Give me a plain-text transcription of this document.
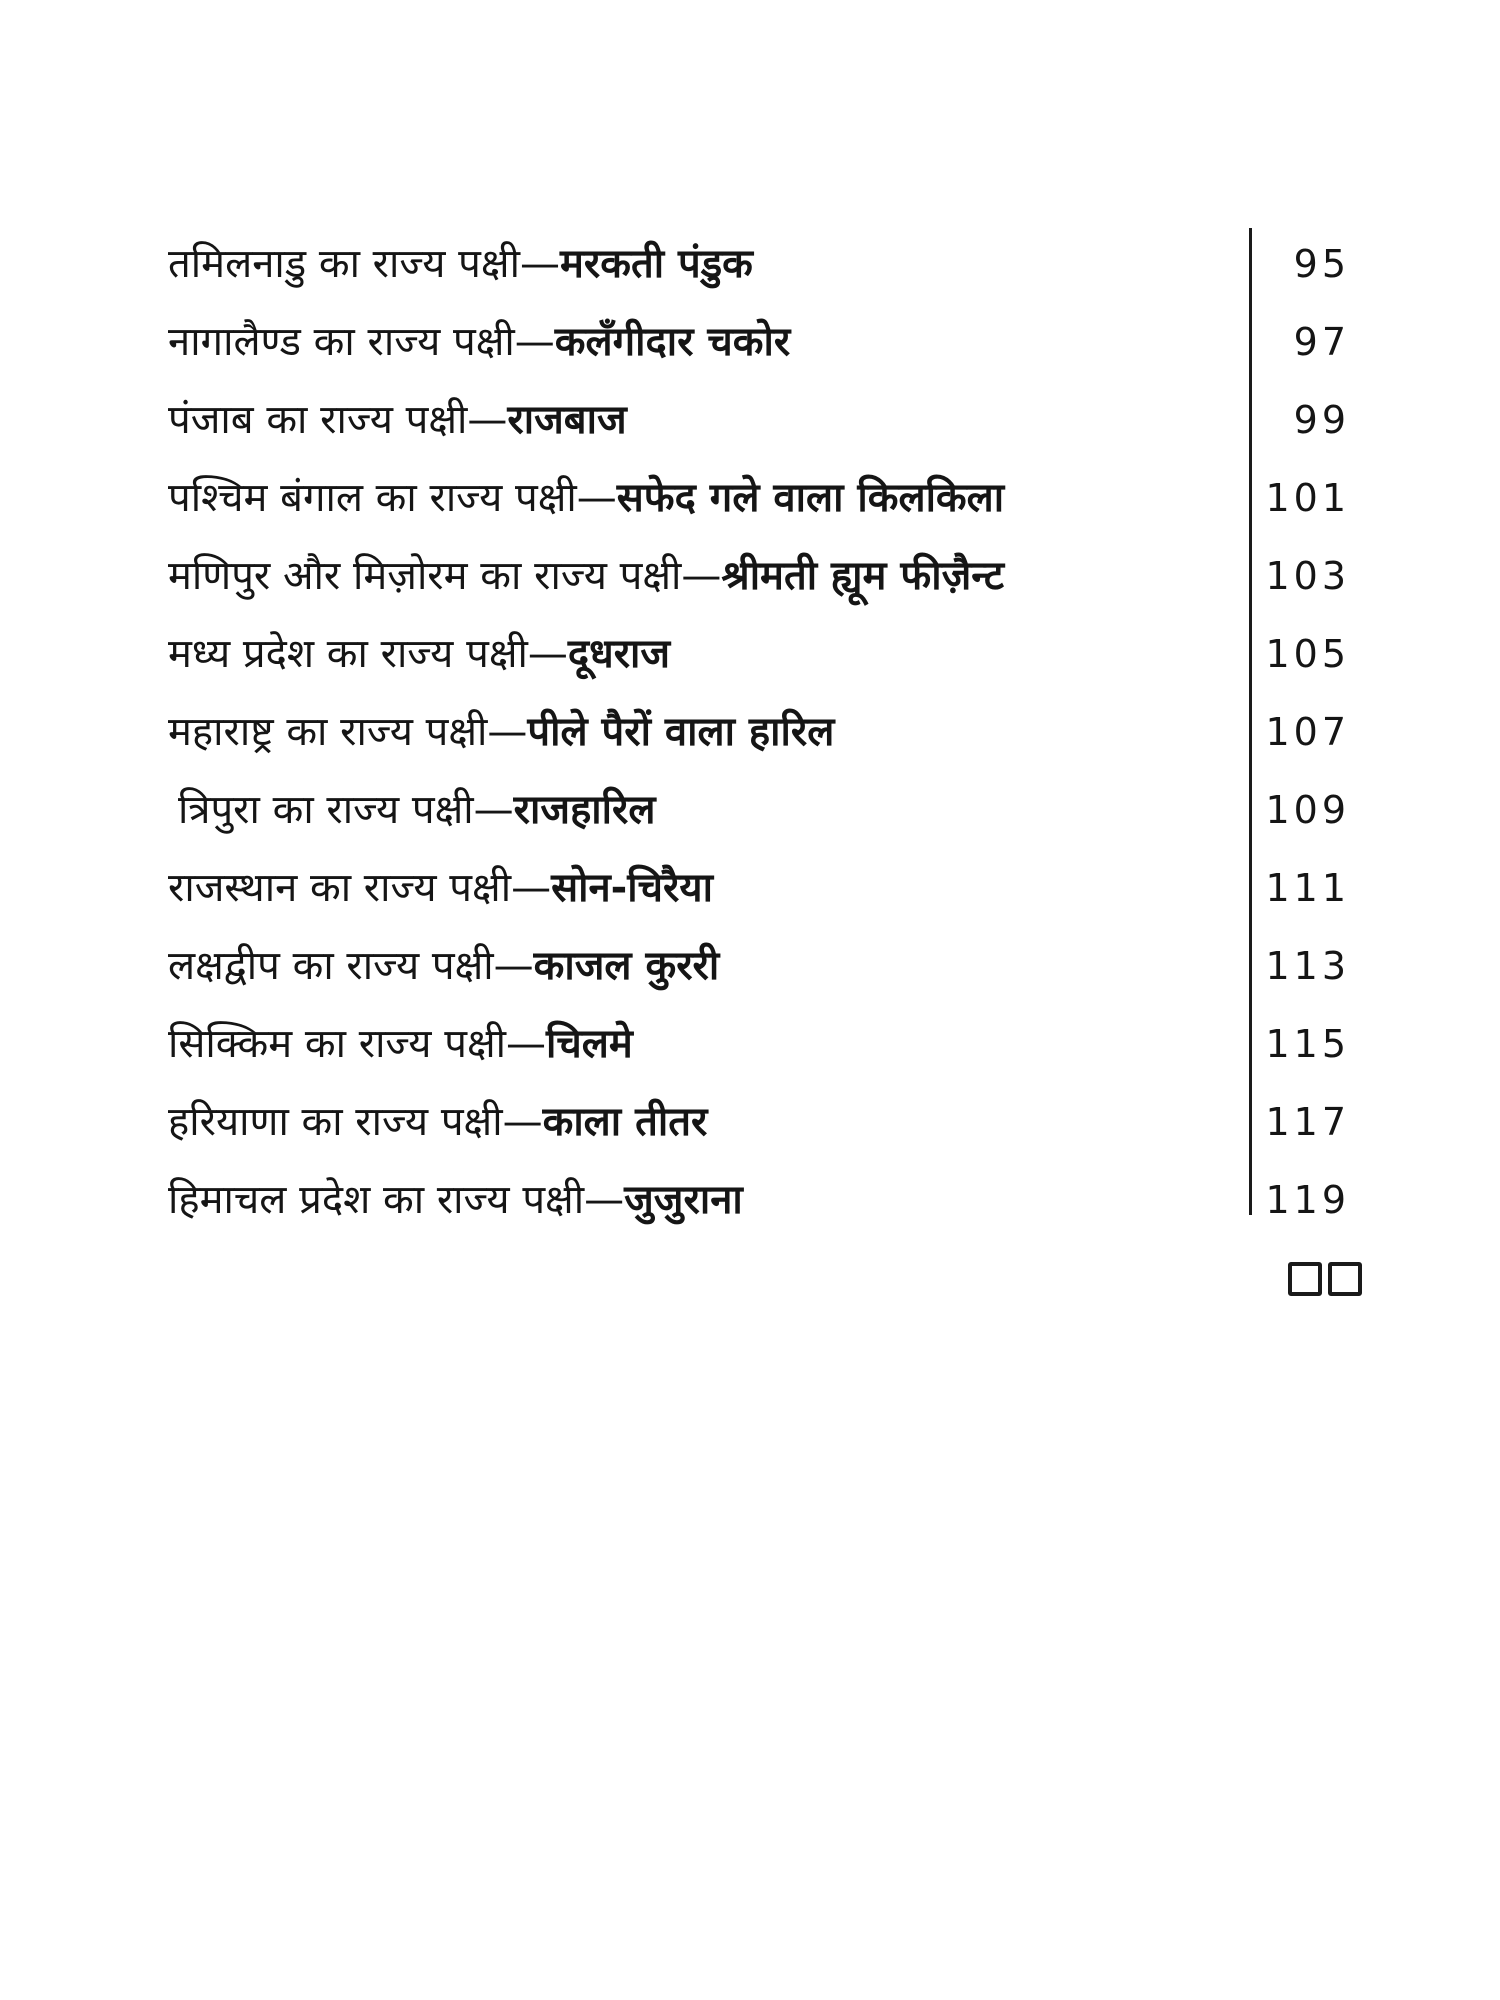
तमिलनाडु का राज्य पक्षी—मरकती पंडुक	95
नागालैण्ड का राज्य पक्षी—कलँगीदार चकोर	97
पंजाब का राज्य पक्षी—राजबाज	99
पश्चिम बंगाल का राज्य पक्षी—सफेद गले वाला किलकिला	101
मणिपुर और मिज़ोरम का राज्य पक्षी—श्रीमती ह्यूम फीज़ैन्ट	103
मध्य प्रदेश का राज्य पक्षी—दूधराज	105
महाराष्ट्र का राज्य पक्षी—पीले पैरों वाला हारिल	107
त्रिपुरा का राज्य पक्षी—राजहारिल	109
राजस्थान का राज्य पक्षी—सोन-चिरैया	111
लक्षद्वीप का राज्य पक्षी—काजल कुररी	113
सिक्किम का राज्य पक्षी—चिलमे	115
हरियाणा का राज्य पक्षी—काला तीतर	117
हिमाचल प्रदेश का राज्य पक्षी—जुजुराना	119
